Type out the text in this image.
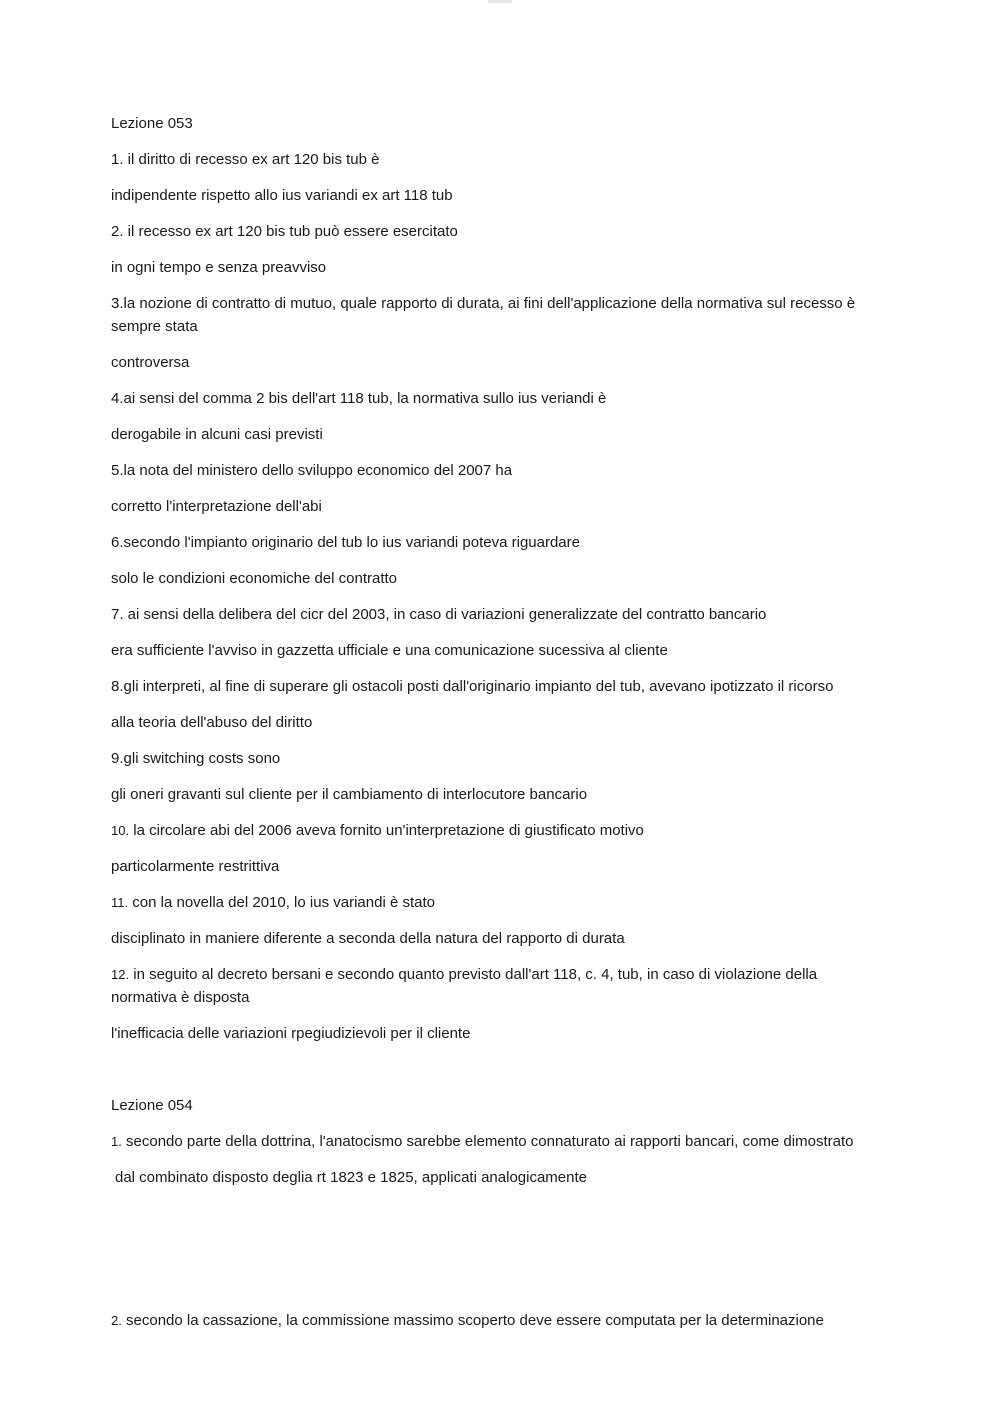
Lezione 053

1. il diritto di recesso ex art 120 bis tub è

indipendente rispetto allo ius variandi ex art 118 tub

2. il recesso ex art 120 bis tub può essere esercitato

in ogni tempo e senza preavviso

3.la nozione di contratto di mutuo, quale rapporto di durata, ai fini dell'applicazione della normativa sul recesso è sempre stata

controversa

4.ai sensi del comma 2 bis dell'art 118 tub, la normativa sullo ius veriandi è

derogabile in alcuni casi previsti

5.la nota del ministero dello sviluppo economico del 2007 ha

corretto l'interpretazione dell'abi

6.secondo l'impianto originario del tub lo ius variandi poteva riguardare

solo le condizioni economiche del contratto

7. ai sensi della delibera del cicr del 2003, in caso di variazioni generalizzate del contratto bancario

era sufficiente l'avviso in gazzetta ufficiale e una comunicazione sucessiva al cliente

8.gli interpreti, al fine di superare gli ostacoli posti dall'originario impianto del tub, avevano ipotizzato il ricorso

alla teoria dell'abuso del diritto

9.gli switching costs sono

gli oneri gravanti sul cliente per il cambiamento di interlocutore bancario

10. la circolare abi del 2006 aveva fornito un'interpretazione di giustificato motivo

particolarmente restrittiva

11. con la novella del 2010, lo ius variandi è stato

disciplinato in maniere diferente a seconda della natura del rapporto di durata

12. in seguito al decreto bersani e secondo quanto previsto dall'art 118, c. 4, tub, in caso di violazione della normativa è disposta

l'inefficacia delle variazioni rpegiudizievoli per il cliente

Lezione 054

1. secondo parte della dottrina, l'anatocismo sarebbe elemento connaturato ai rapporti bancari, come dimostrato

dal combinato disposto deglia rt 1823 e 1825, applicati analogicamente

2. secondo la cassazione, la commissione massimo scoperto deve essere computata per la determinazione
